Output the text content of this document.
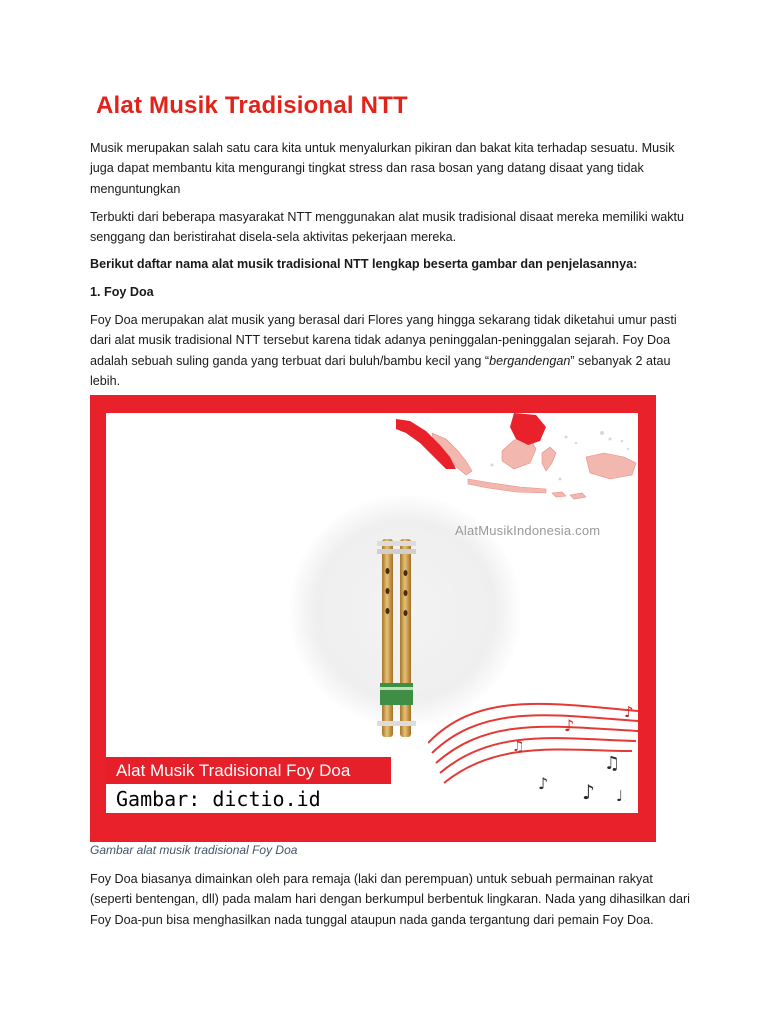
Alat Musik Tradisional NTT

Musik merupakan salah satu cara kita untuk menyalurkan pikiran dan bakat kita terhadap sesuatu. Musik juga dapat membantu kita mengurangi tingkat stress dan rasa bosan yang datang disaat yang tidak menguntungkan

Terbukti dari beberapa masyarakat NTT menggunakan alat musik tradisional disaat mereka memiliki waktu senggang dan beristirahat disela-sela aktivitas pekerjaan mereka.

Berikut daftar nama alat musik tradisional NTT lengkap beserta gambar dan penjelasannya:

1. Foy Doa

Foy Doa merupakan alat musik yang berasal dari Flores yang hingga sekarang tidak diketahui umur pasti dari alat musik tradisional NTT tersebut karena tidak adanya peninggalan-peninggalan sejarah. Foy Doa adalah sebuah suling ganda yang terbuat dari buluh/bambu kecil yang “bergandengan” sebanyak 2 atau lebih.

AlatMusikIndonesia.com
♪
♫
♪
♩
♪
♫
♪
Alat Musik Tradisional Foy Doa
Gambar: dictio.id

Gambar alat musik tradisional Foy Doa

Foy Doa biasanya dimainkan oleh para remaja (laki dan perempuan) untuk sebuah permainan rakyat (seperti bentengan, dll) pada malam hari dengan berkumpul berbentuk lingkaran. Nada yang dihasilkan dari Foy Doa-pun bisa menghasilkan nada tunggal ataupun nada ganda tergantung dari pemain Foy Doa.
